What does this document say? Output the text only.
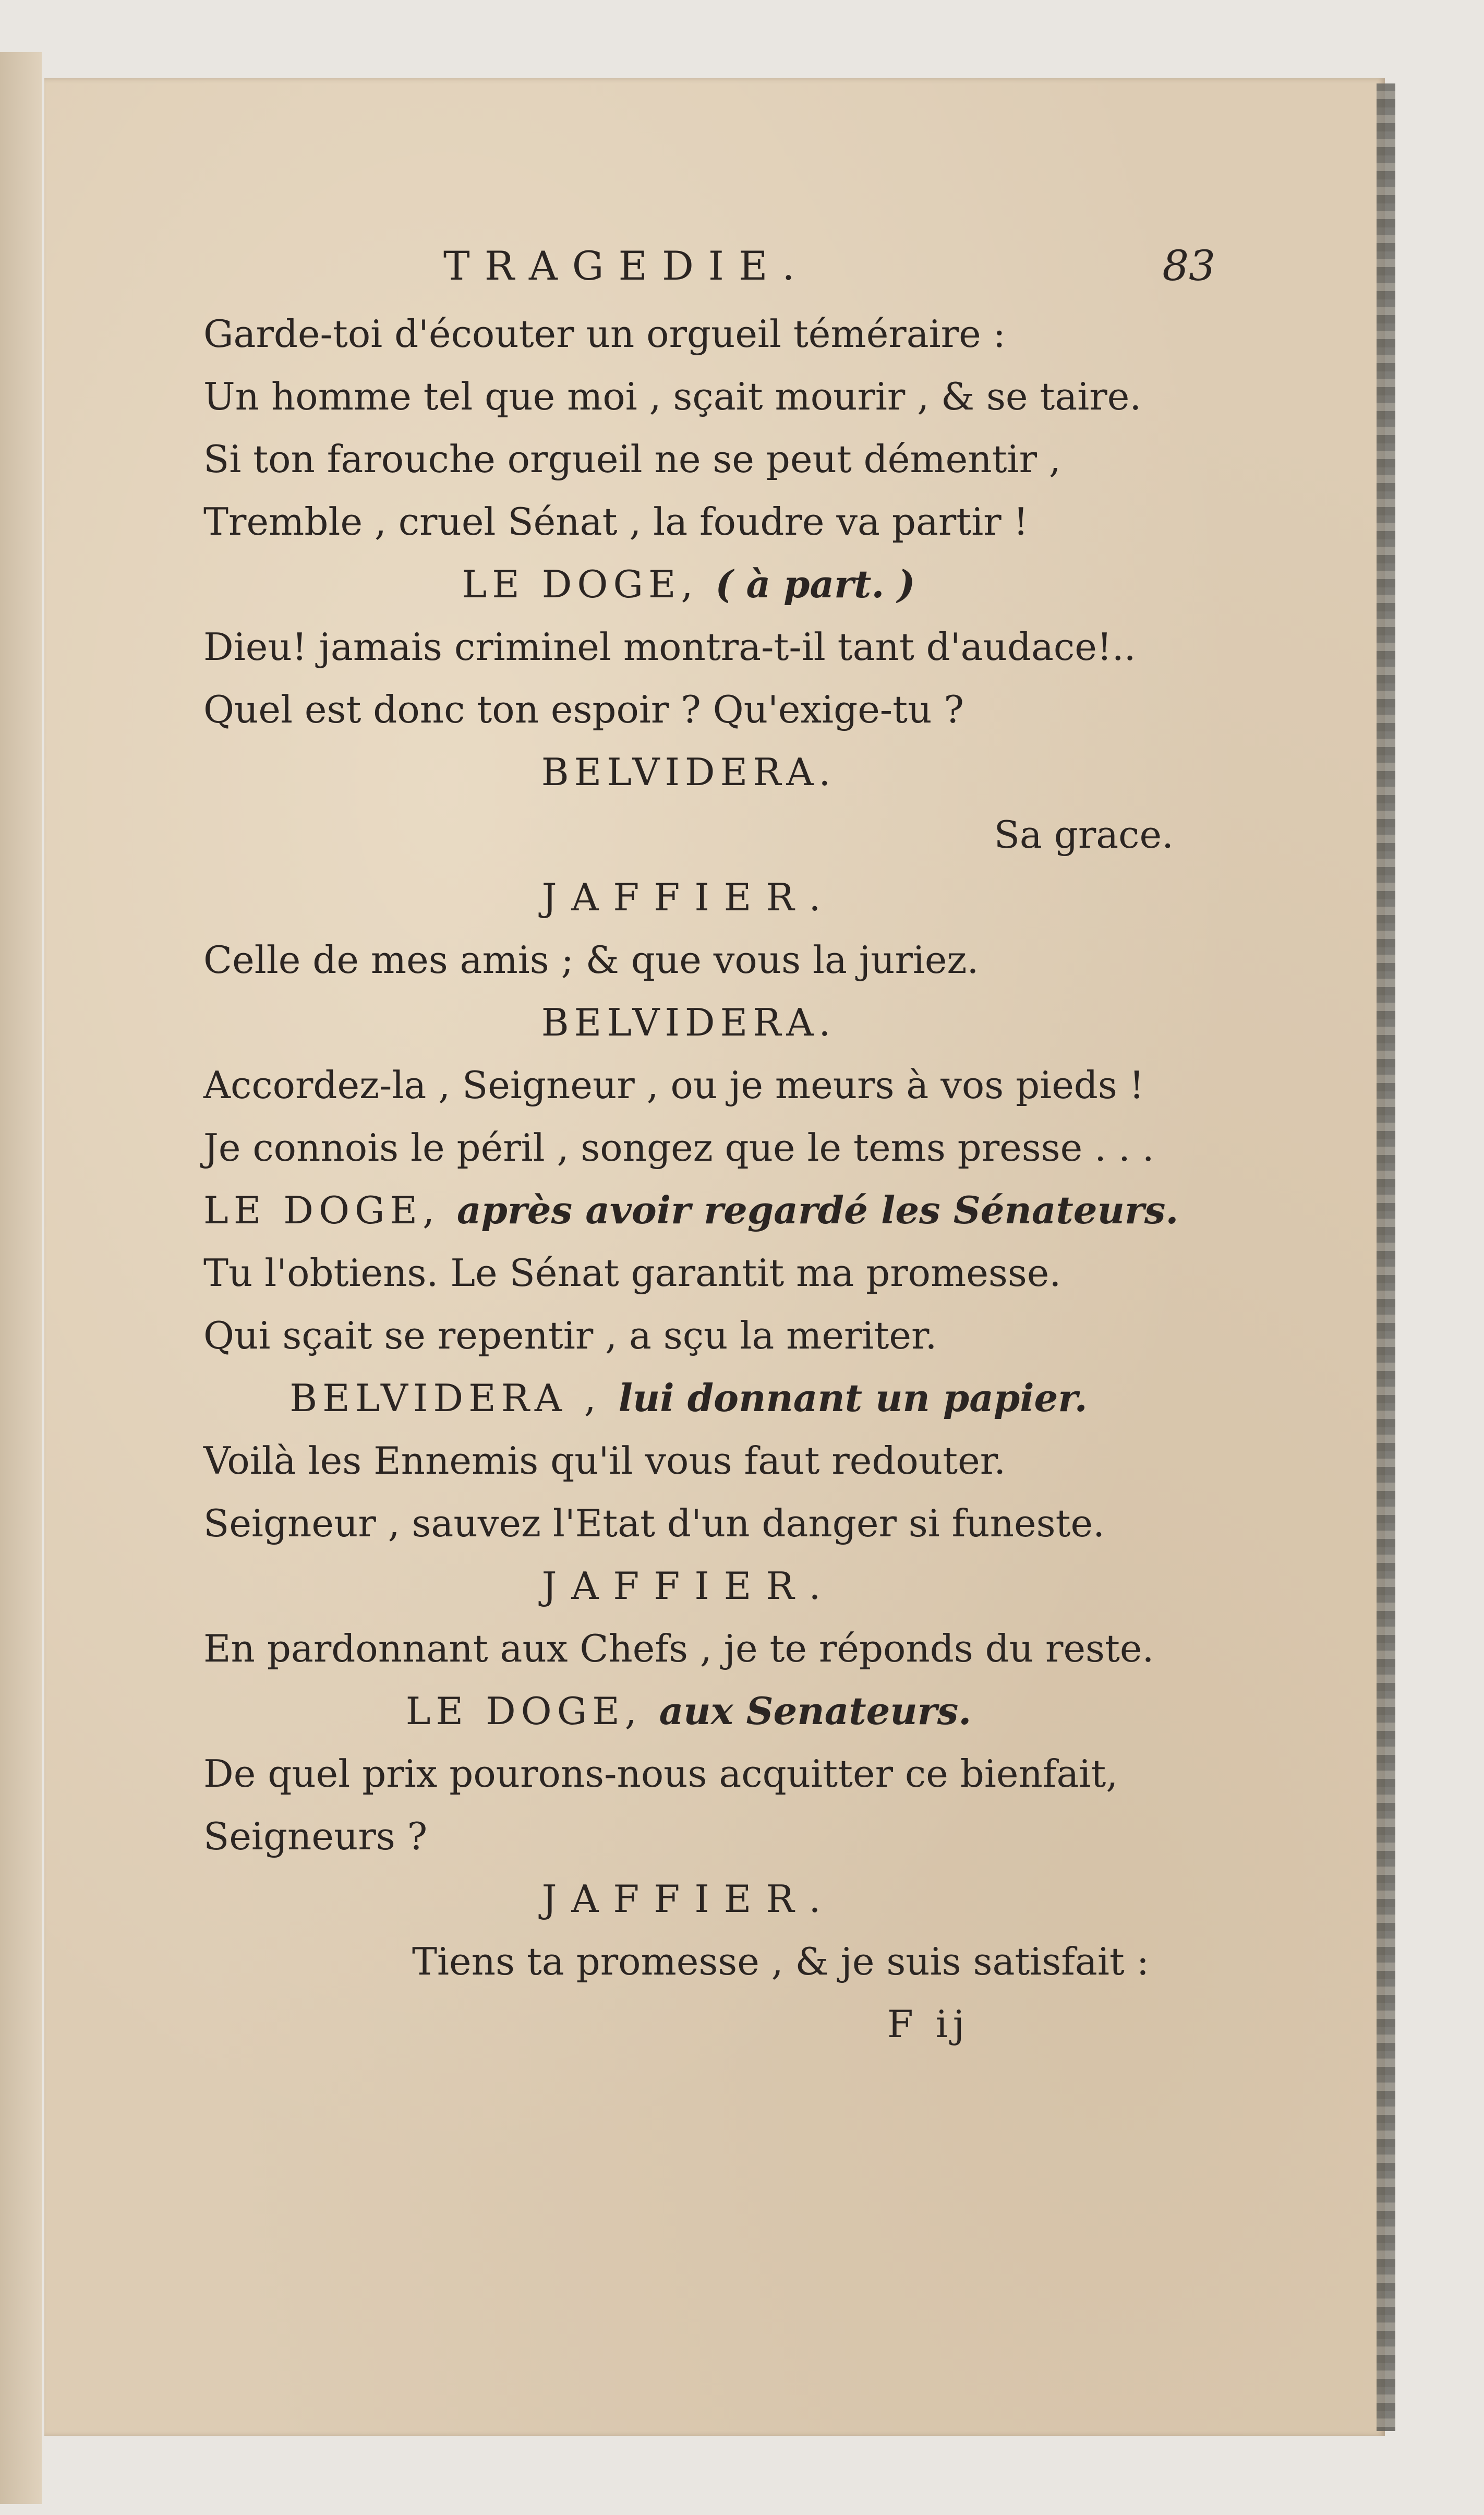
TRAGEDIE.	83
Garde-toi d'écouter un orgueil téméraire :
Un homme tel que moi , sçait mourir , & se taire.
Si ton farouche orgueil ne se peut démentir ,
Tremble , cruel Sénat , la foudre va partir !
LE DOGE, ( à part. )
Dieu! jamais criminel montra-t-il tant d'audace!..
Quel est donc ton espoir ? Qu'exige-tu ?
BELVIDERA.
Sa grace.
JAFFIER.
Celle de mes amis ; & que vous la juriez.
BELVIDERA.
Accordez-la , Seigneur , ou je meurs à vos pieds !
Je connois le péril , songez que le tems presse . . .
LE DOGE, après avoir regardé les Sénateurs.
Tu l'obtiens. Le Sénat garantit ma promesse.
Qui sçait se repentir , a sçu la meriter.
BELVIDERA , lui donnant un papier.
Voilà les Ennemis qu'il vous faut redouter.
Seigneur , sauvez l'Etat d'un danger si funeste.
JAFFIER.
En pardonnant aux Chefs , je te réponds du reste.
LE DOGE, aux Senateurs.
De quel prix pourons-nous acquitter ce bienfait,
Seigneurs ?
JAFFIER.
Tiens ta promesse , & je suis satisfait :
F ij
